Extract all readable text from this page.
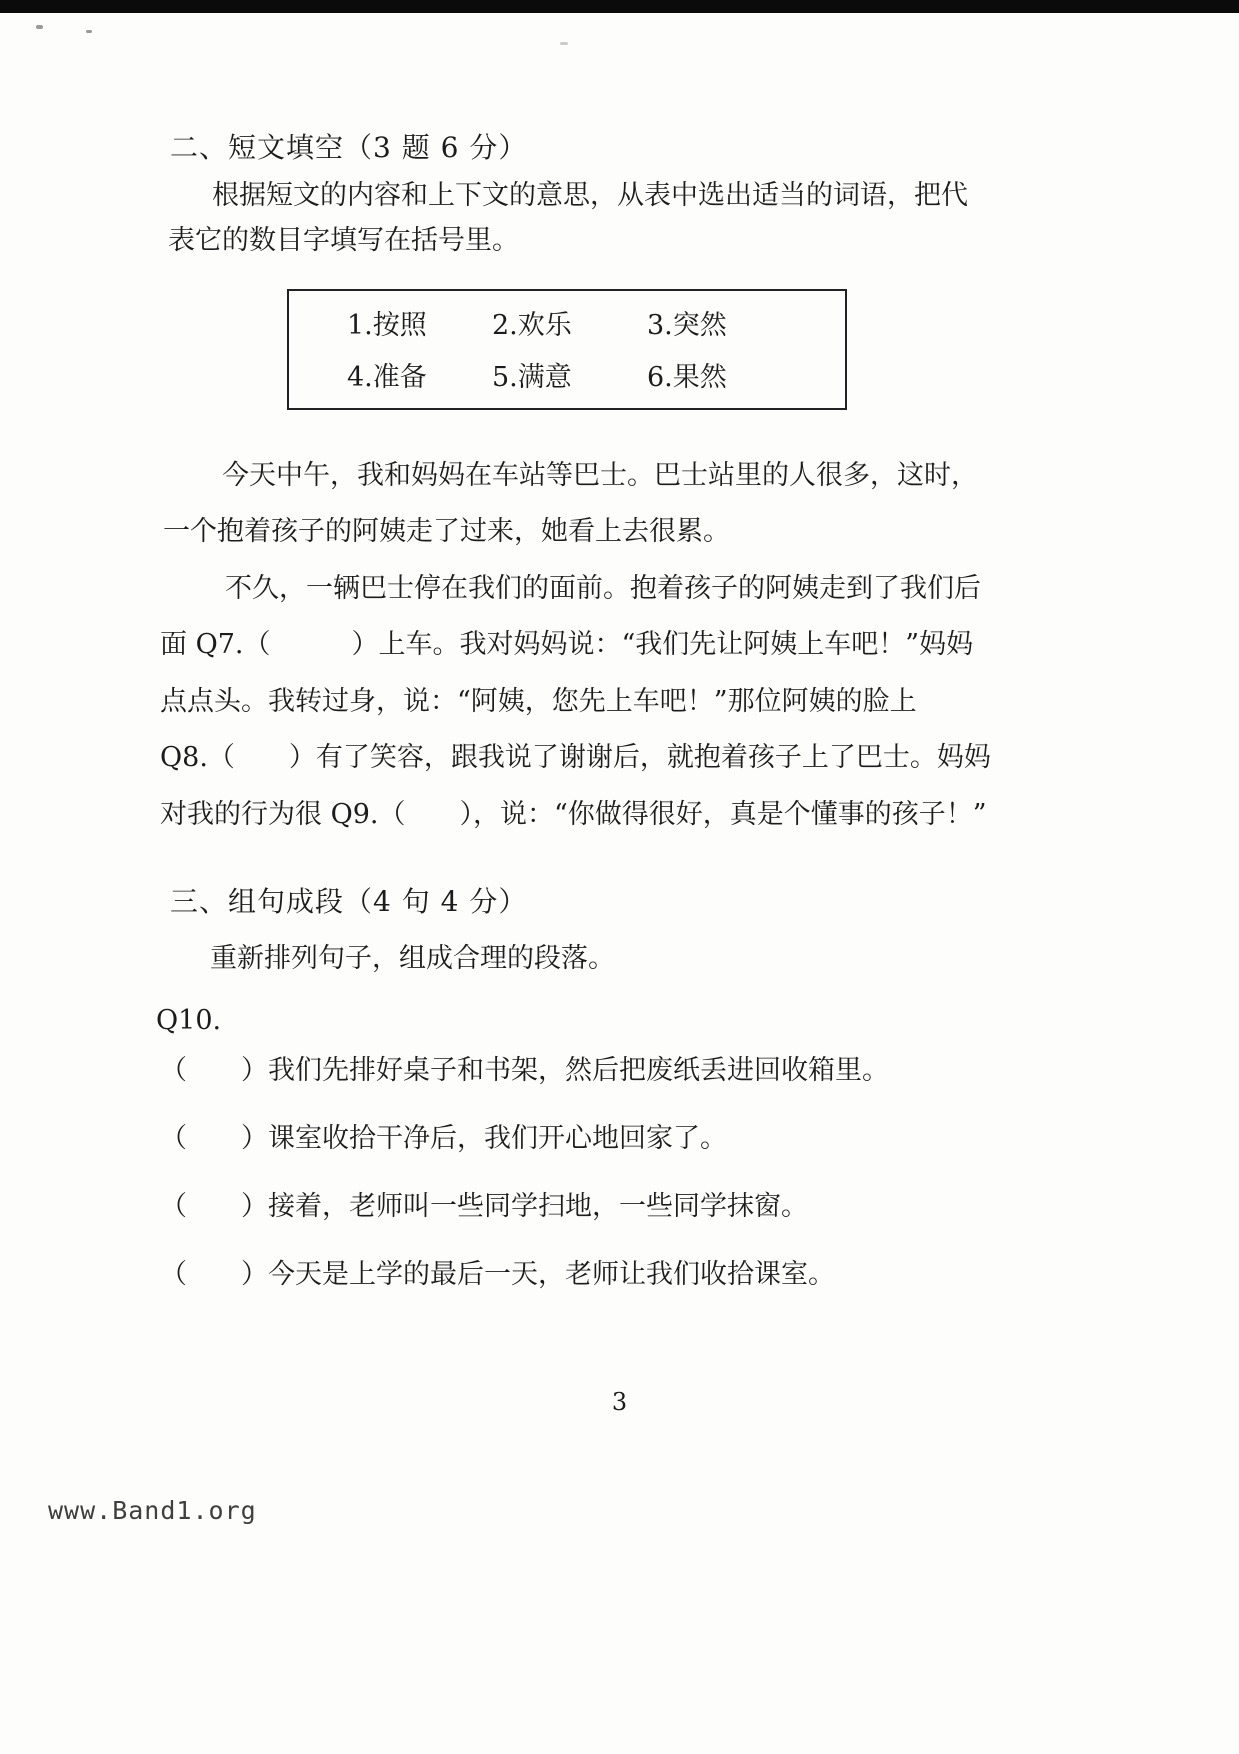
二、短文填空（3 题 6 分）
根据短文的内容和上下文的意思，从表中选出适当的词语，把代
表它的数目字填写在括号里。
1.按照 2.欢乐	3.突然
4.准备 5.满意	6.果然
今天中午，我和妈妈在车站等巴士。巴士站里的人很多，这时，
一个抱着孩子的阿姨走了过来，她看上去很累。
不久，一辆巴士停在我们的面前。抱着孩子的阿姨走到了我们后
面 Q7.（　　　）上车。我对妈妈说：“我们先让阿姨上车吧！”妈妈
点点头。我转过身，说：“阿姨，您先上车吧！”那位阿姨的脸上
Q8.（　　）有了笑容，跟我说了谢谢后，就抱着孩子上了巴士。妈妈
对我的行为很 Q9.（　　），说：“你做得很好，真是个懂事的孩子！”
三、组句成段（4 句 4 分）
重新排列句子，组成合理的段落。
Q10.
（　　）我们先排好桌子和书架，然后把废纸丢进回收箱里。
（　　）课室收拾干净后，我们开心地回家了。
（　　）接着，老师叫一些同学扫地，一些同学抹窗。
（　　）今天是上学的最后一天，老师让我们收拾课室。
3
www.Band1.org
